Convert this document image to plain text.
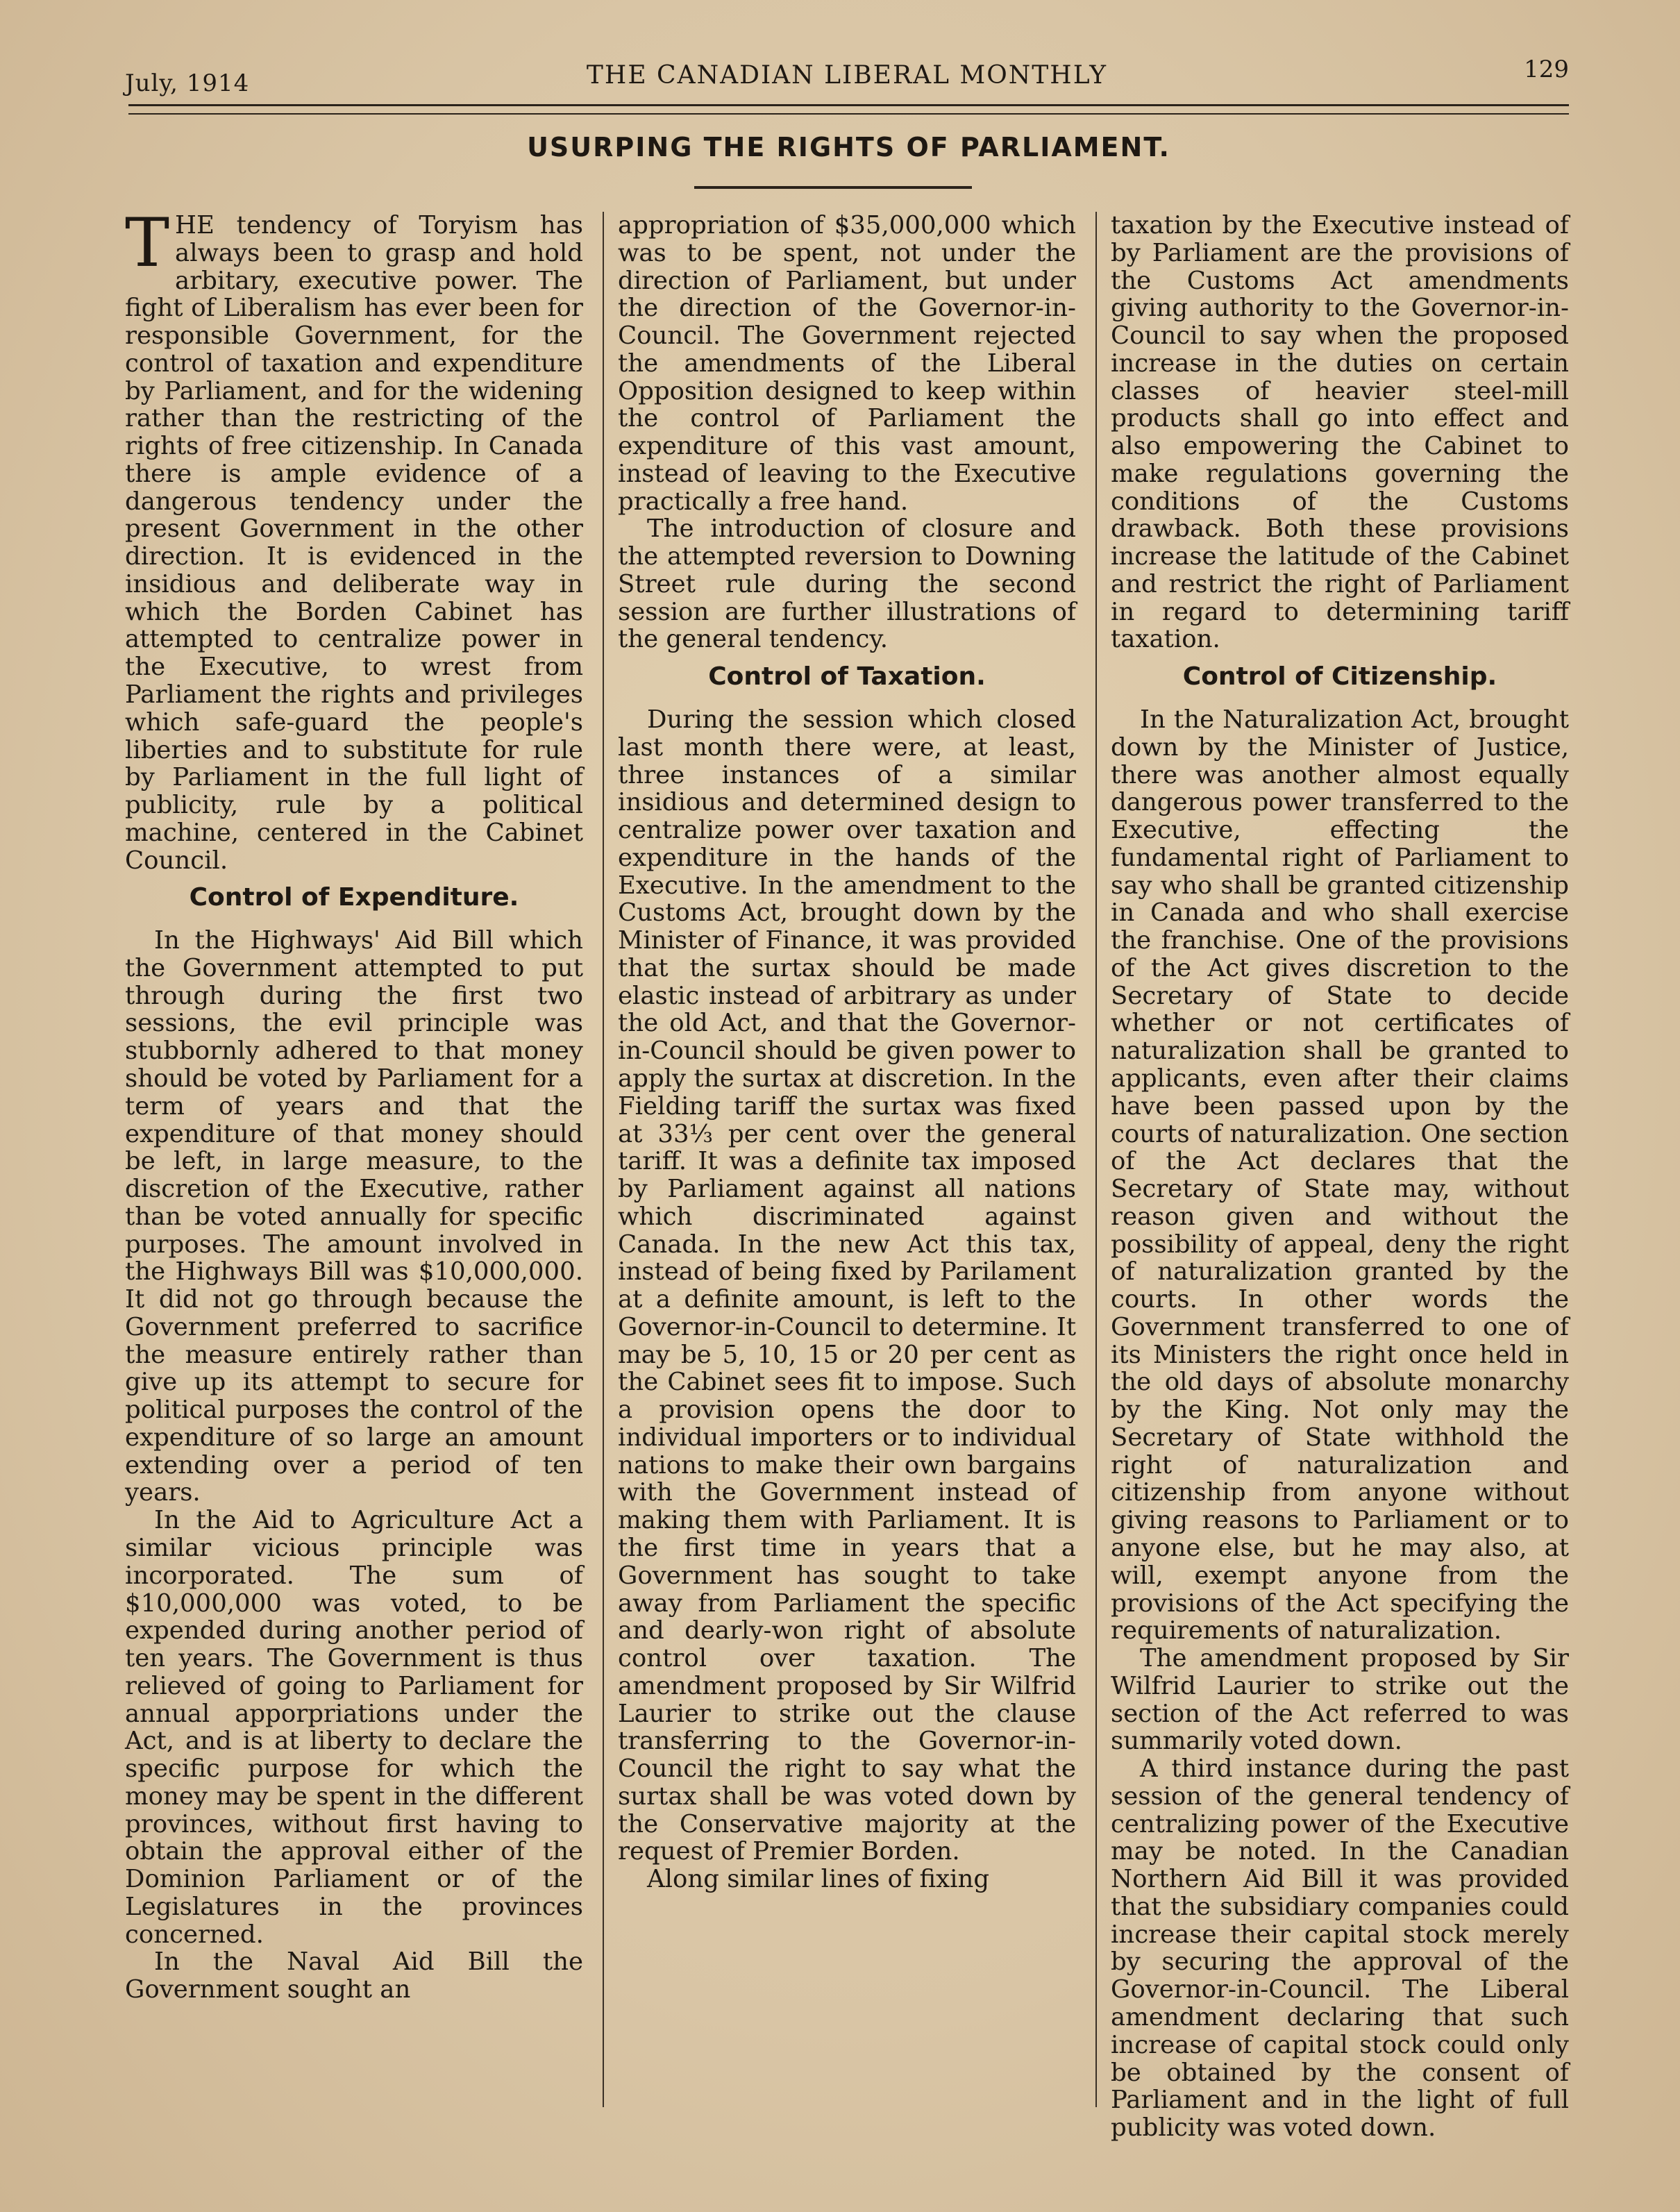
July, 1914	THE CANADIAN LIBERAL MONTHLY	129
USURPING THE RIGHTS OF PARLIAMENT.

THE tendency of Toryism has always been to grasp and hold arbitary, executive power. The fight of Liberalism has ever been for responsible Government, for the control of taxation and expenditure by Parliament, and for the widening rather than the restricting of the rights of free citizenship. In Canada there is ample evidence of a dangerous tendency under the present Government in the other direction. It is evidenced in the insidious and deliberate way in which the Borden Cabinet has attempted to centralize power in the Executive, to wrest from Parliament the rights and privileges which safe-guard the people's liberties and to substitute for rule by Parliament in the full light of publicity, rule by a political machine, centered in the Cabinet Council.

Control of Expenditure.

In the Highways' Aid Bill which the Government attempted to put through during the first two sessions, the evil principle was stubbornly adhered to that money should be voted by Parliament for a term of years and that the expenditure of that money should be left, in large measure, to the discretion of the Executive, rather than be voted annually for specific purposes. The amount involved in the Highways Bill was $10,000,000. It did not go through because the Government preferred to sacrifice the measure entirely rather than give up its attempt to secure for political purposes the control of the expenditure of so large an amount extending over a period of ten years.

In the Aid to Agriculture Act a similar vicious principle was incorporated. The sum of $10,000,000 was voted, to be expended during another period of ten years. The Government is thus relieved of going to Parliament for annual apporpriations under the Act, and is at liberty to declare the specific purpose for which the money may be spent in the different provinces, without first having to obtain the approval either of the Dominion Parliament or of the Legislatures in the provinces concerned.

In the Naval Aid Bill the Government sought an

appropriation of $35,000,000 which was to be spent, not under the direction of Parliament, but under the direction of the Governor-in-Council. The Government rejected the amendments of the Liberal Opposition designed to keep within the control of Parliament the expenditure of this vast amount, instead of leaving to the Executive practically a free hand.

The introduction of closure and the attempted reversion to Downing Street rule during the second session are further illustrations of the general tendency.

Control of Taxation.

During the session which closed last month there were, at least, three instances of a similar insidious and determined design to centralize power over taxation and expenditure in the hands of the Executive. In the amendment to the Customs Act, brought down by the Minister of Finance, it was provided that the surtax should be made elastic instead of arbitrary as under the old Act, and that the Governor-in-Council should be given power to apply the surtax at discretion. In the Fielding tariff the surtax was fixed at 33⅓ per cent over the general tariff. It was a definite tax imposed by Parliament against all nations which discriminated against Canada. In the new Act this tax, instead of being fixed by Parilament at a definite amount, is left to the Governor-in-Council to determine. It may be 5, 10, 15 or 20 per cent as the Cabinet sees fit to impose. Such a provision opens the door to individual importers or to individual nations to make their own bargains with the Government instead of making them with Parliament. It is the first time in years that a Government has sought to take away from Parliament the specific and dearly-won right of absolute control over taxation. The amendment proposed by Sir Wilfrid Laurier to strike out the clause transferring to the Governor-in-Council the right to say what the surtax shall be was voted down by the Conservative majority at the request of Premier Borden.

Along similar lines of fixing

taxation by the Executive instead of by Parliament are the provisions of the Customs Act amendments giving authority to the Governor-in-Council to say when the proposed increase in the duties on certain classes of heavier steel-mill products shall go into effect and also empowering the Cabinet to make regulations governing the conditions of the Customs drawback. Both these provisions increase the latitude of the Cabinet and restrict the right of Parliament in regard to determining tariff taxation.

Control of Citizenship.

In the Naturalization Act, brought down by the Minister of Justice, there was another almost equally dangerous power transferred to the Executive, effecting the fundamental right of Parliament to say who shall be granted citizenship in Canada and who shall exercise the franchise. One of the provisions of the Act gives discretion to the Secretary of State to decide whether or not certificates of naturalization shall be granted to applicants, even after their claims have been passed upon by the courts of naturalization. One section of the Act declares that the Secretary of State may, without reason given and without the possibility of appeal, deny the right of naturalization granted by the courts. In other words the Government transferred to one of its Ministers the right once held in the old days of absolute monarchy by the King. Not only may the Secretary of State withhold the right of naturalization and citizenship from anyone without giving reasons to Parliament or to anyone else, but he may also, at will, exempt anyone from the provisions of the Act specifying the requirements of naturalization.

The amendment proposed by Sir Wilfrid Laurier to strike out the section of the Act referred to was summarily voted down.

A third instance during the past session of the general tendency of centralizing power of the Executive may be noted. In the Canadian Northern Aid Bill it was provided that the subsidiary companies could increase their capital stock merely by securing the approval of the Governor-in-Council. The Liberal amendment declaring that such increase of capital stock could only be obtained by the consent of Parliament and in the light of full publicity was voted down.
